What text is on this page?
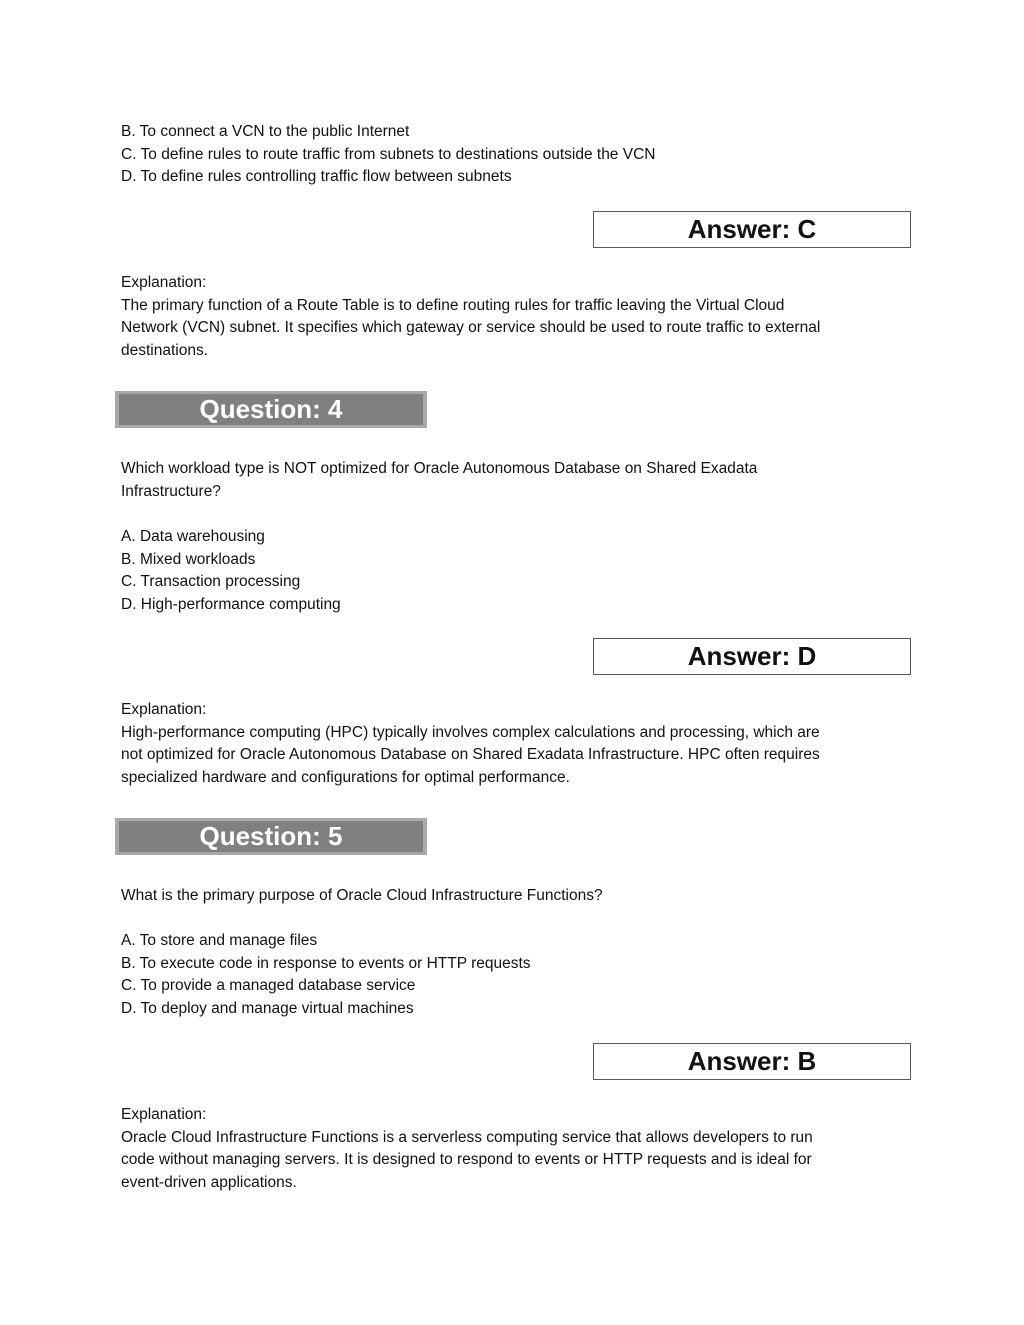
B. To connect a VCN to the public Internet
C. To define rules to route traffic from subnets to destinations outside the VCN
D. To define rules controlling traffic flow between subnets
Answer: C
Explanation:
The primary function of a Route Table is to define routing rules for traffic leaving the Virtual Cloud
Network (VCN) subnet. It specifies which gateway or service should be used to route traffic to external
destinations.
Question: 4
Which workload type is NOT optimized for Oracle Autonomous Database on Shared Exadata
Infrastructure?
A. Data warehousing
B. Mixed workloads
C. Transaction processing
D. High-performance computing
Answer: D
Explanation:
High-performance computing (HPC) typically involves complex calculations and processing, which are
not optimized for Oracle Autonomous Database on Shared Exadata Infrastructure. HPC often requires
specialized hardware and configurations for optimal performance.
Question: 5
What is the primary purpose of Oracle Cloud Infrastructure Functions?
A. To store and manage files
B. To execute code in response to events or HTTP requests
C. To provide a managed database service
D. To deploy and manage virtual machines
Answer: B
Explanation:
Oracle Cloud Infrastructure Functions is a serverless computing service that allows developers to run
code without managing servers. It is designed to respond to events or HTTP requests and is ideal for
event-driven applications.
